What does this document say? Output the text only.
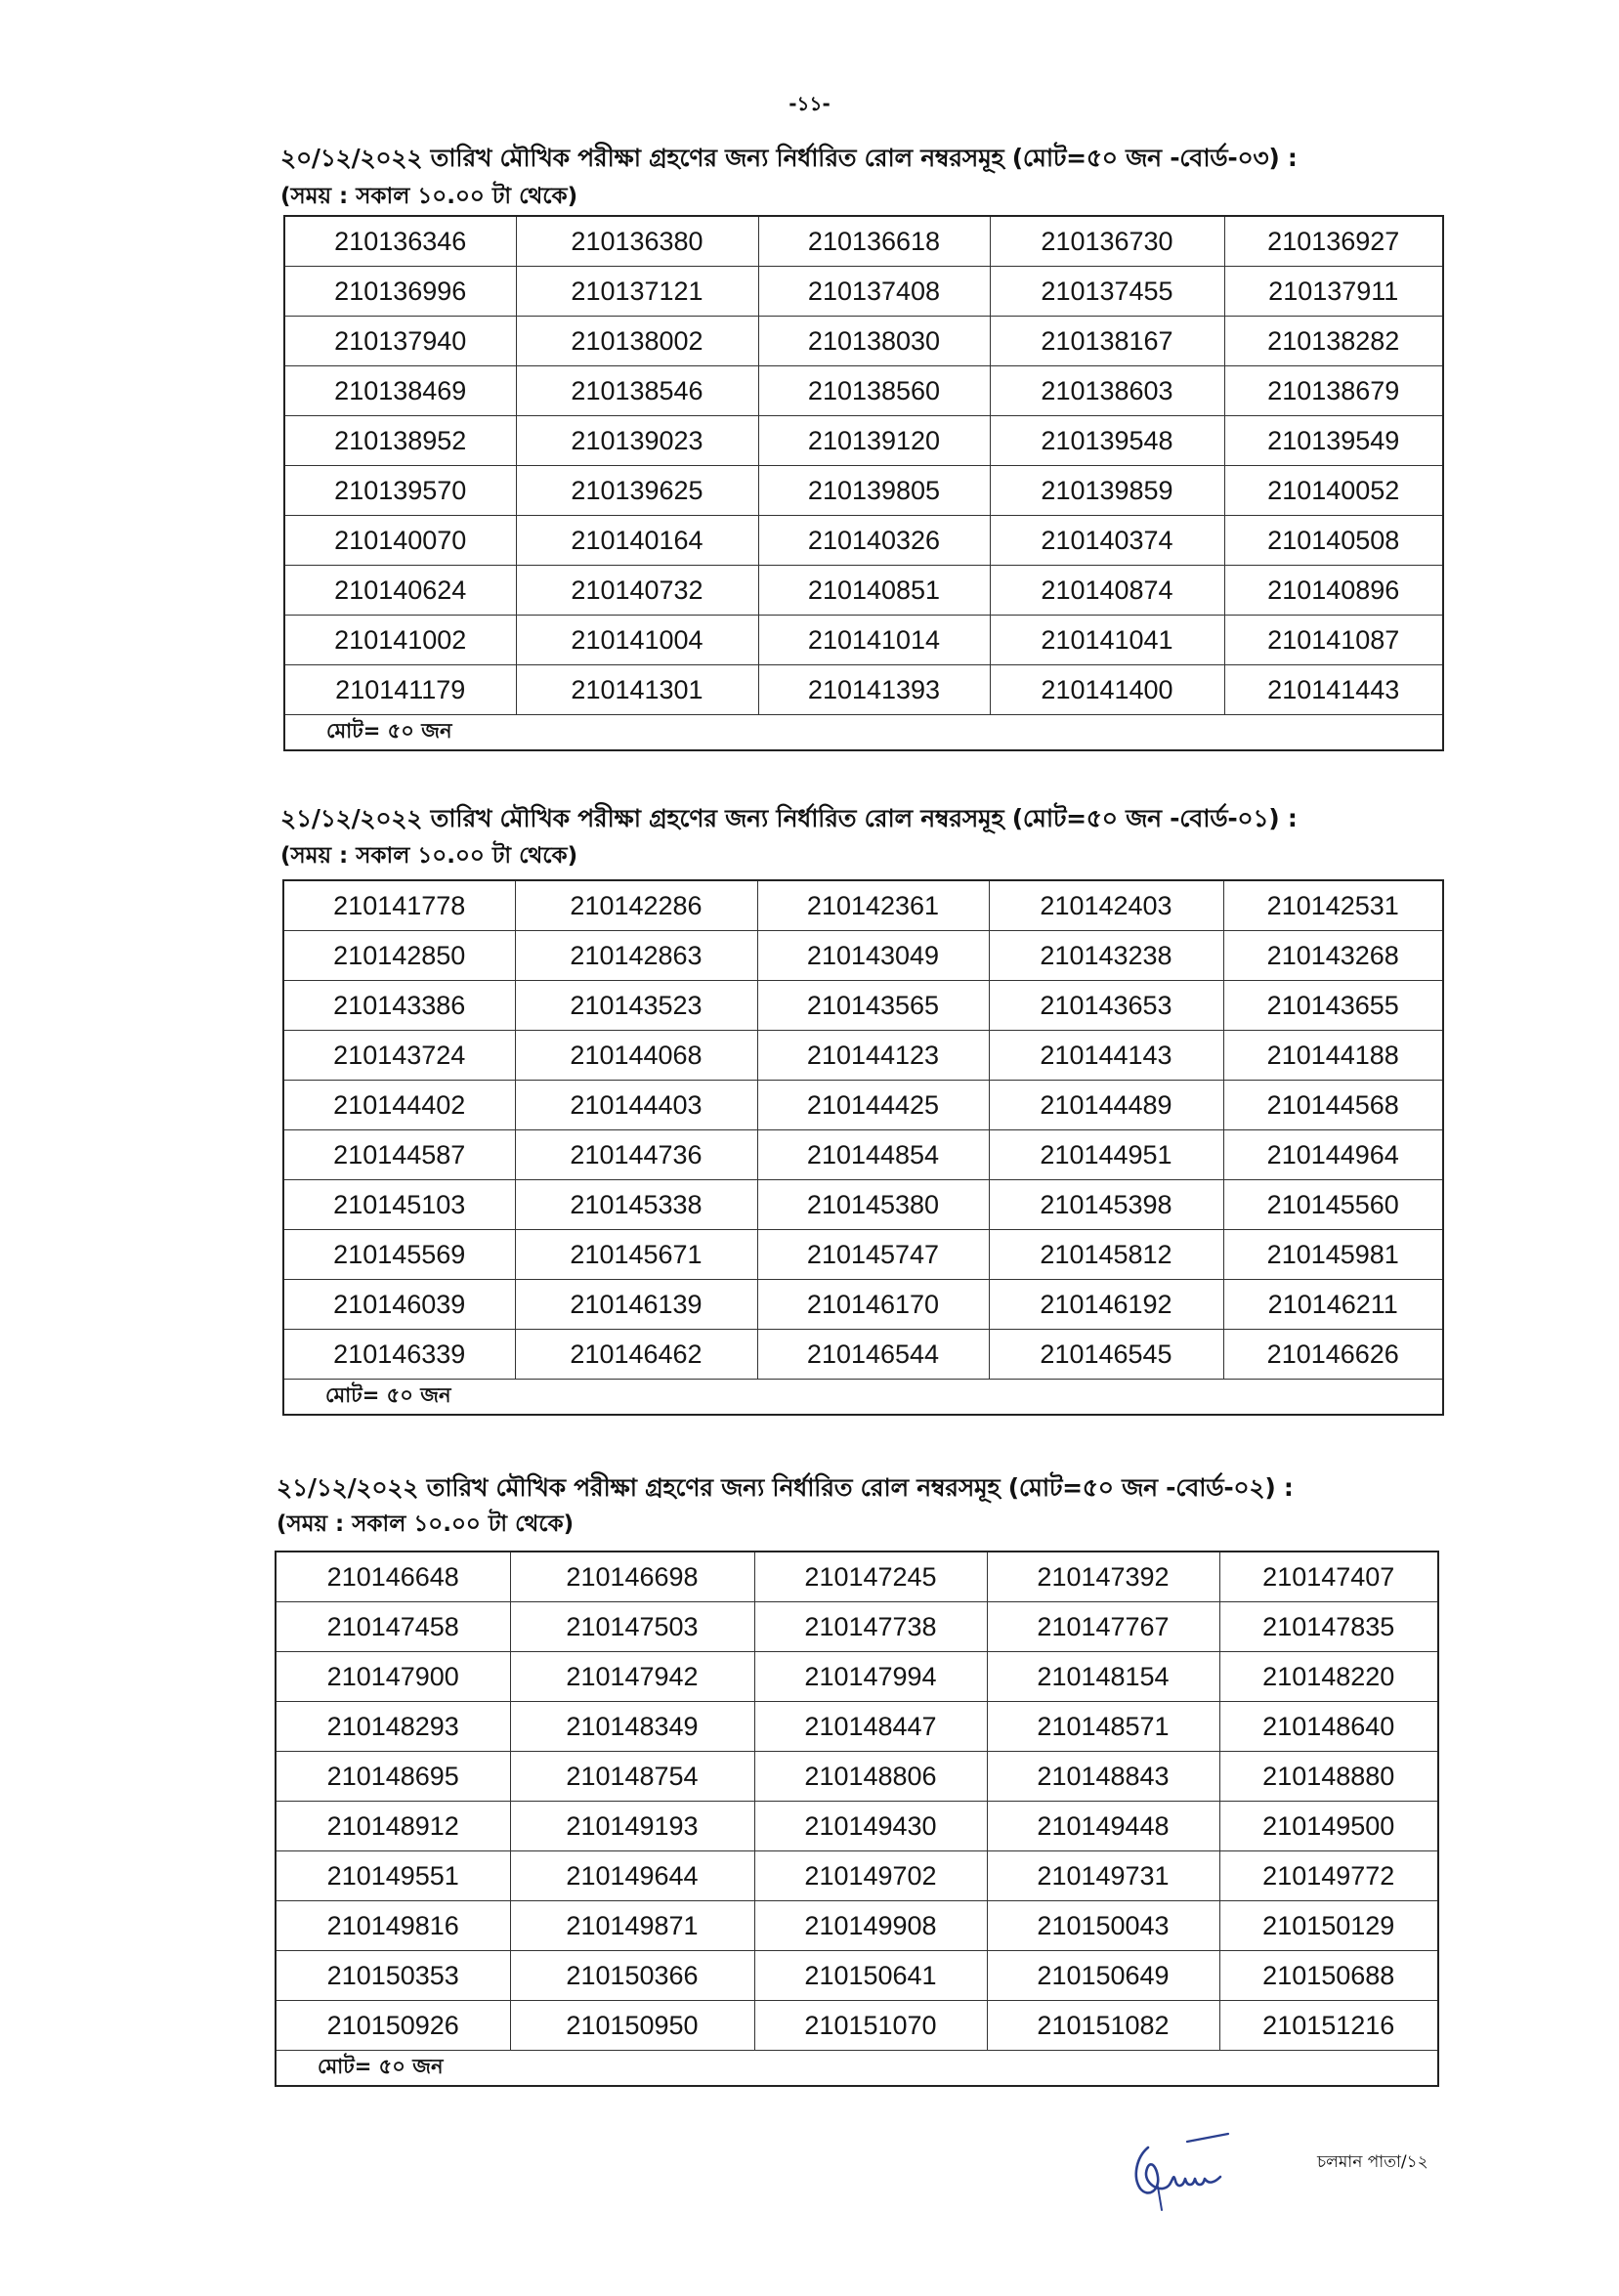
-১১-
২০/১২/২০২২ তারিখ মৌখিক পরীক্ষা গ্রহণের জন্য নির্ধারিত রোল নম্বরসমূহ (মোট=৫০ জন -বোর্ড-০৩) :
(সময় : সকাল ১০.০০ টা থেকে)
210136346	210136380	210136618	210136730	210136927
210136996	210137121	210137408	210137455	210137911
210137940	210138002	210138030	210138167	210138282
210138469	210138546	210138560	210138603	210138679
210138952	210139023	210139120	210139548	210139549
210139570	210139625	210139805	210139859	210140052
210140070	210140164	210140326	210140374	210140508
210140624	210140732	210140851	210140874	210140896
210141002	210141004	210141014	210141041	210141087
210141179	210141301	210141393	210141400	210141443
মোট= ৫০ জন				
২১/১২/২০২২ তারিখ মৌখিক পরীক্ষা গ্রহণের জন্য নির্ধারিত রোল নম্বরসমূহ (মোট=৫০ জন -বোর্ড-০১) :
(সময় : সকাল ১০.০০ টা থেকে)
210141778	210142286	210142361	210142403	210142531
210142850	210142863	210143049	210143238	210143268
210143386	210143523	210143565	210143653	210143655
210143724	210144068	210144123	210144143	210144188
210144402	210144403	210144425	210144489	210144568
210144587	210144736	210144854	210144951	210144964
210145103	210145338	210145380	210145398	210145560
210145569	210145671	210145747	210145812	210145981
210146039	210146139	210146170	210146192	210146211
210146339	210146462	210146544	210146545	210146626
মোট= ৫০ জন				
২১/১২/২০২২ তারিখ মৌখিক পরীক্ষা গ্রহণের জন্য নির্ধারিত রোল নম্বরসমূহ (মোট=৫০ জন -বোর্ড-০২) :
(সময় : সকাল ১০.০০ টা থেকে)
210146648	210146698	210147245	210147392	210147407
210147458	210147503	210147738	210147767	210147835
210147900	210147942	210147994	210148154	210148220
210148293	210148349	210148447	210148571	210148640
210148695	210148754	210148806	210148843	210148880
210148912	210149193	210149430	210149448	210149500
210149551	210149644	210149702	210149731	210149772
210149816	210149871	210149908	210150043	210150129
210150353	210150366	210150641	210150649	210150688
210150926	210150950	210151070	210151082	210151216
মোট= ৫০ জন				
চলমান পাতা/১২
